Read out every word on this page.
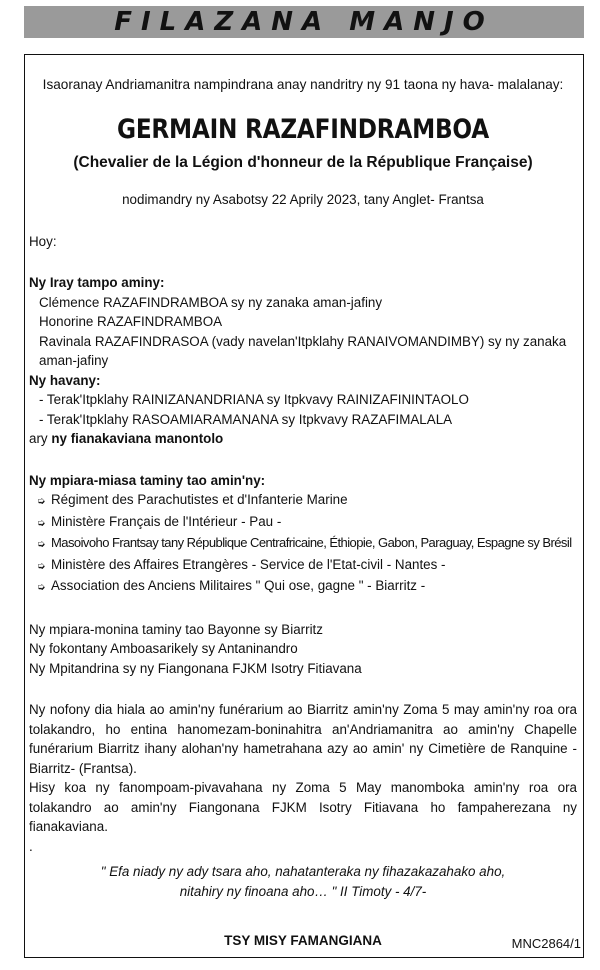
FILAZANA MANJO
Isaoranay Andriamanitra nampindrana anay nandritry ny 91 taona ny hava- malalanay:
GERMAIN RAZAFINDRAMBOA
(Chevalier de la Légion d'honneur de la République Française)
nodimandry ny Asabotsy 22 Aprily 2023, tany Anglet- Frantsa
Hoy:
Ny Iray tampo aminy:
Clémence RAZAFINDRAMBOA sy ny zanaka aman-jafiny
Honorine RAZAFINDRAMBOA
Ravinala RAZAFINDRASOA (vady navelan'Itpklahy RANAIVOMANDIMBY) sy ny zanaka
aman-jafiny
Ny havany:
- Terak'Itpklahy RAINIZANANDRIANA sy Itpkvavy RAINIZAFININTAOLO
- Terak'Itpklahy RASOAMIARAMANANA sy Itpkvavy RAZAFIMALALA
ary ny fianakaviana manontolo
Ny mpiara-miasa taminy tao amin'ny:
➭ Régiment des Parachutistes et d'Infanterie Marine
➭ Ministère Français de l'Intérieur - Pau -
➭ Masoivoho Frantsay tany République Centrafricaine, Éthiopie, Gabon, Paraguay, Espagne sy Brésil
➭ Ministère des Affaires Etrangères - Service de l'Etat-civil - Nantes -
➭ Association des Anciens Militaires " Qui ose, gagne " - Biarritz -
Ny mpiara-monina taminy tao Bayonne sy Biarritz
Ny fokontany Amboasarikely sy Antaninandro
Ny Mpitandrina sy ny Fiangonana FJKM Isotry Fitiavana
Ny nofony dia hiala ao amin'ny funérarium ao Biarritz amin'ny Zoma 5 may amin'ny roa ora tolakandro, ho entina hanomezam-boninahitra an'Andriamanitra ao amin'ny Chapelle funérarium Biarritz ihany alohan'ny hametrahana azy ao amin' ny Cimetière de Ranquine - Biarritz- (Frantsa).
Hisy koa ny fanompoam-pivavahana ny Zoma 5 May manomboka amin'ny roa ora tolakandro ao amin'ny Fiangonana FJKM Isotry Fitiavana ho fampaherezana ny fianakaviana.
.
" Efa niady ny ady tsara aho, nahatanteraka ny fihazakazahako aho,
nitahiry ny finoana aho… " II Timoty - 4/7-
TSY MISY FAMANGIANA	MNC2864/1
